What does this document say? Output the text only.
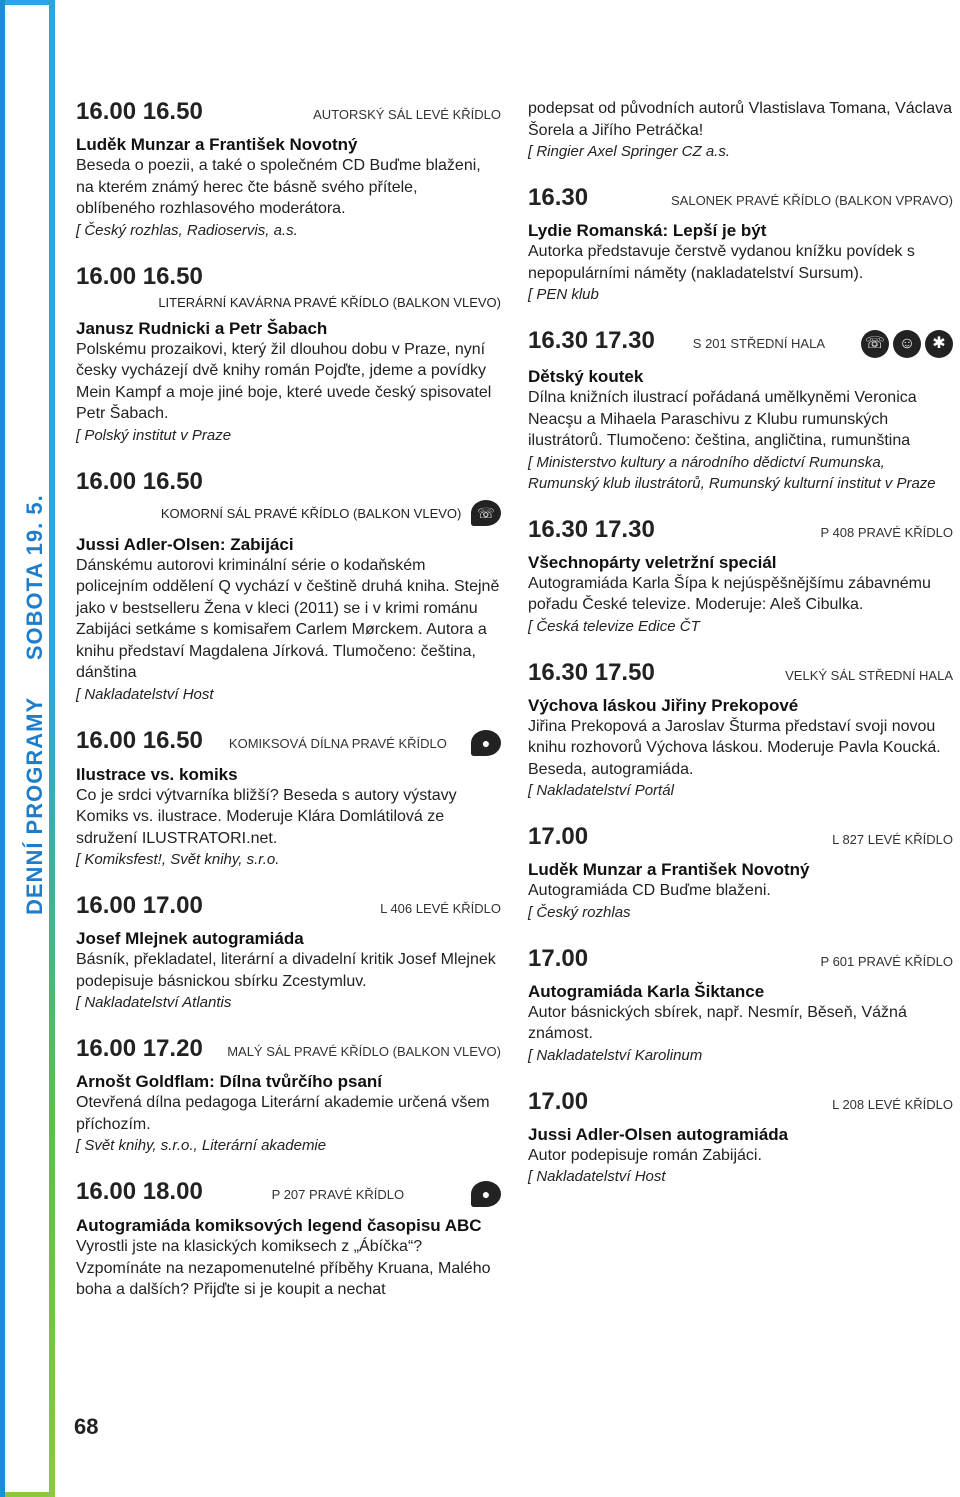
DENNÍ PROGRAMY SOBOTA 19. 5.
16.00 16.50	AUTORSKÝ SÁL LEVÉ KŘÍDLO
Luděk Munzar a František Novotný
Beseda o poezii, a také o společném CD Buďme blaženi, na kterém známý herec čte básně svého přítele, oblíbeného rozhlasového moderátora.
[ Český rozhlas, Radioservis, a.s.
16.00 16.50
LITERÁRNÍ KAVÁRNA PRAVÉ KŘÍDLO (BALKON VLEVO)
Janusz Rudnicki a Petr Šabach
Polskému prozaikovi, který žil dlouhou dobu v Praze, nyní česky vycházejí dvě knihy román Pojďte, jdeme a povídky Mein Kampf a moje jiné boje, které uvede český spisovatel Petr Šabach.
[ Polský institut v Praze
16.00 16.50
KOMORNÍ SÁL PRAVÉ KŘÍDLO (BALKON VLEVO) ☏
Jussi Adler-Olsen: Zabijáci
Dánskému autorovi kriminální série o kodaňském policejním oddělení Q vychází v češtině druhá kniha. Stejně jako v bestselleru Žena v kleci (2011) se i v krimi románu Zabijáci setkáme s komisařem Carlem Mørckem. Autora a knihu představí Magdalena Jírková. Tlumočeno: čeština, dánština
[ Nakladatelství Host
16.00 16.50 KOMIKSOVÁ DÍLNA PRAVÉ KŘÍDLO	●
Ilustrace vs. komiks
Co je srdci výtvarníka bližší? Beseda s autory výstavy Komiks vs. ilustrace. Moderuje Klára Domlátilová ze sdružení ILUSTRATORI.net.
[ Komiksfest!, Svět knihy, s.r.o.
16.00 17.00	L 406 LEVÉ KŘÍDLO
Josef Mlejnek autogramiáda
Básník, překladatel, literární a divadelní kritik Josef Mlejnek podepisuje básnickou sbírku Zcestymluv.
[ Nakladatelství Atlantis
16.00 17.20 MALÝ SÁL PRAVÉ KŘÍDLO (BALKON VLEVO)
Arnošt Goldflam: Dílna tvůrčího psaní
Otevřená dílna pedagoga Literární akademie určená všem příchozím.
[ Svět knihy, s.r.o., Literární akademie
16.00 18.00	P 207 PRAVÉ KŘÍDLO	●
Autogramiáda komiksových legend časopisu ABC
Vyrostli jste na klasických komiksech z „Ábíčka“? Vzpomínáte na nezapomenutelné příběhy Kruana, Malého boha a dalších? Přijďte si je koupit a nechat
podepsat od původních autorů Vlastislava Tomana, Václava Šorela a Jiřího Petráčka!
[ Ringier Axel Springer CZ a.s.
16.30	SALONEK PRAVÉ KŘÍDLO (BALKON VPRAVO)
Lydie Romanská: Lepší je být
Autorka představuje čerstvě vydanou knížku povídek s nepopulárními náměty (nakladatelství Sursum).
[ PEN klub
16.30 17.30	S 201 STŘEDNÍ HALA ☏ ☺	✱
Dětský koutek
Dílna knižních ilustrací pořádaná umělkyněmi Veronica Neacşu a Mihaela Paraschivu z Klubu rumunských ilustrátorů. Tlumočeno: čeština, angličtina, rumunština
[ Ministerstvo kultury a národního dědictví Rumunska, Rumunský klub ilustrátorů, Rumunský kulturní institut v Praze
16.30 17.30	P 408 PRAVÉ KŘÍDLO
Všechnopárty veletržní speciál
Autogramiáda Karla Šípa k nejúspěšnějšímu zábavnému pořadu České televize. Moderuje: Aleš Cibulka.
[ Česká televize Edice ČT
16.30 17.50	VELKÝ SÁL STŘEDNÍ HALA
Výchova láskou Jiřiny Prekopové
Jiřina Prekopová a Jaroslav Šturma představí svoji novou knihu rozhovorů Výchova láskou. Moderuje Pavla Koucká. Beseda, autogramiáda.
[ Nakladatelství Portál
17.00	L 827 LEVÉ KŘÍDLO
Luděk Munzar a František Novotný
Autogramiáda CD Buďme blaženi.
[ Český rozhlas
17.00	P 601 PRAVÉ KŘÍDLO
Autogramiáda Karla Šiktance
Autor básnických sbírek, např. Nesmír, Běseň, Vážná známost.
[ Nakladatelství Karolinum
17.00	L 208 LEVÉ KŘÍDLO
Jussi Adler-Olsen autogramiáda
Autor podepisuje román Zabijáci.
[ Nakladatelství Host
68
